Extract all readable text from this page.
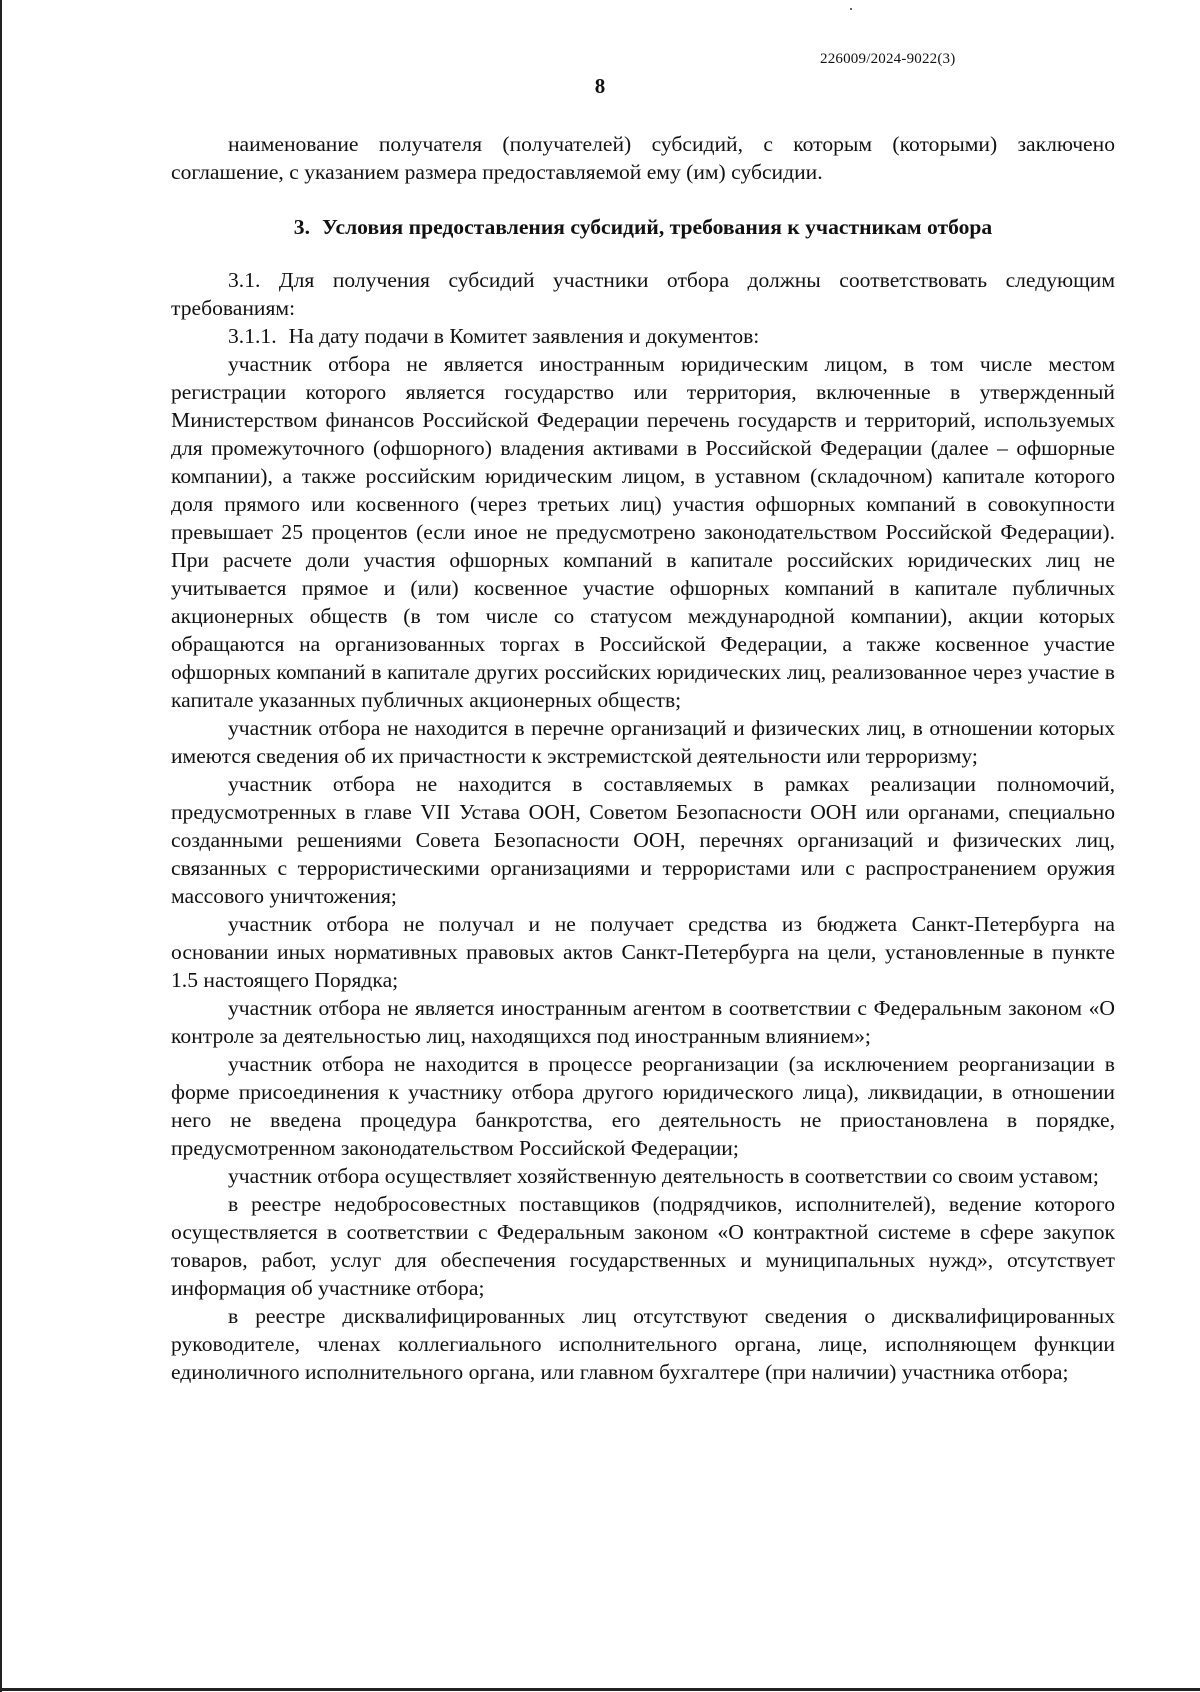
226009/2024-9022(3)
8

наименование получателя (получателей) субсидий, с которым (которыми) заключено соглашение, с указанием размера предоставляемой ему (им) субсидии.

3. Условия предоставления субсидий, требования к участникам отбора

3.1. Для получения субсидий участники отбора должны соответствовать следующим требованиям:

3.1.1. На дату подачи в Комитет заявления и документов:

участник отбора не является иностранным юридическим лицом, в том числе местом регистрации которого является государство или территория, включенные в утвержденный Министерством финансов Российской Федерации перечень государств и территорий, используемых для промежуточного (офшорного) владения активами в Российской Федерации (далее – офшорные компании), а также российским юридическим лицом, в уставном (складочном) капитале которого доля прямого или косвенного (через третьих лиц) участия офшорных компаний в совокупности превышает 25 процентов (если иное не предусмотрено законодательством Российской Федерации). При расчете доли участия офшорных компаний в капитале российских юридических лиц не учитывается прямое и (или) косвенное участие офшорных компаний в капитале публичных акционерных обществ (в том числе со статусом международной компании), акции которых обращаются на организованных торгах в Российской Федерации, а также косвенное участие офшорных компаний в капитале других российских юридических лиц, реализованное через участие в капитале указанных публичных акционерных обществ;

участник отбора не находится в перечне организаций и физических лиц, в отношении которых имеются сведения об их причастности к экстремистской деятельности или терроризму;

участник отбора не находится в составляемых в рамках реализации полномочий, предусмотренных в главе VII Устава ООН, Советом Безопасности ООН или органами, специально созданными решениями Совета Безопасности ООН, перечнях организаций и физических лиц, связанных с террористическими организациями и террористами или с распространением оружия массового уничтожения;

участник отбора не получал и не получает средства из бюджета Санкт-Петербурга на основании иных нормативных правовых актов Санкт-Петербурга на цели, установленные в пункте 1.5 настоящего Порядка;

участник отбора не является иностранным агентом в соответствии с Федеральным законом «О контроле за деятельностью лиц, находящихся под иностранным влиянием»;

участник отбора не находится в процессе реорганизации (за исключением реорганизации в форме присоединения к участнику отбора другого юридического лица), ликвидации, в отношении него не введена процедура банкротства, его деятельность не приостановлена в порядке, предусмотренном законодательством Российской Федерации;

участник отбора осуществляет хозяйственную деятельность в соответствии со своим уставом;

в реестре недобросовестных поставщиков (подрядчиков, исполнителей), ведение которого осуществляется в соответствии с Федеральным законом «О контрактной системе в сфере закупок товаров, работ, услуг для обеспечения государственных и муниципальных нужд», отсутствует информация об участнике отбора;

в реестре дисквалифицированных лиц отсутствуют сведения о дисквалифицированных руководителе, членах коллегиального исполнительного органа, лице, исполняющем функции единоличного исполнительного органа, или главном бухгалтере (при наличии) участника отбора;
